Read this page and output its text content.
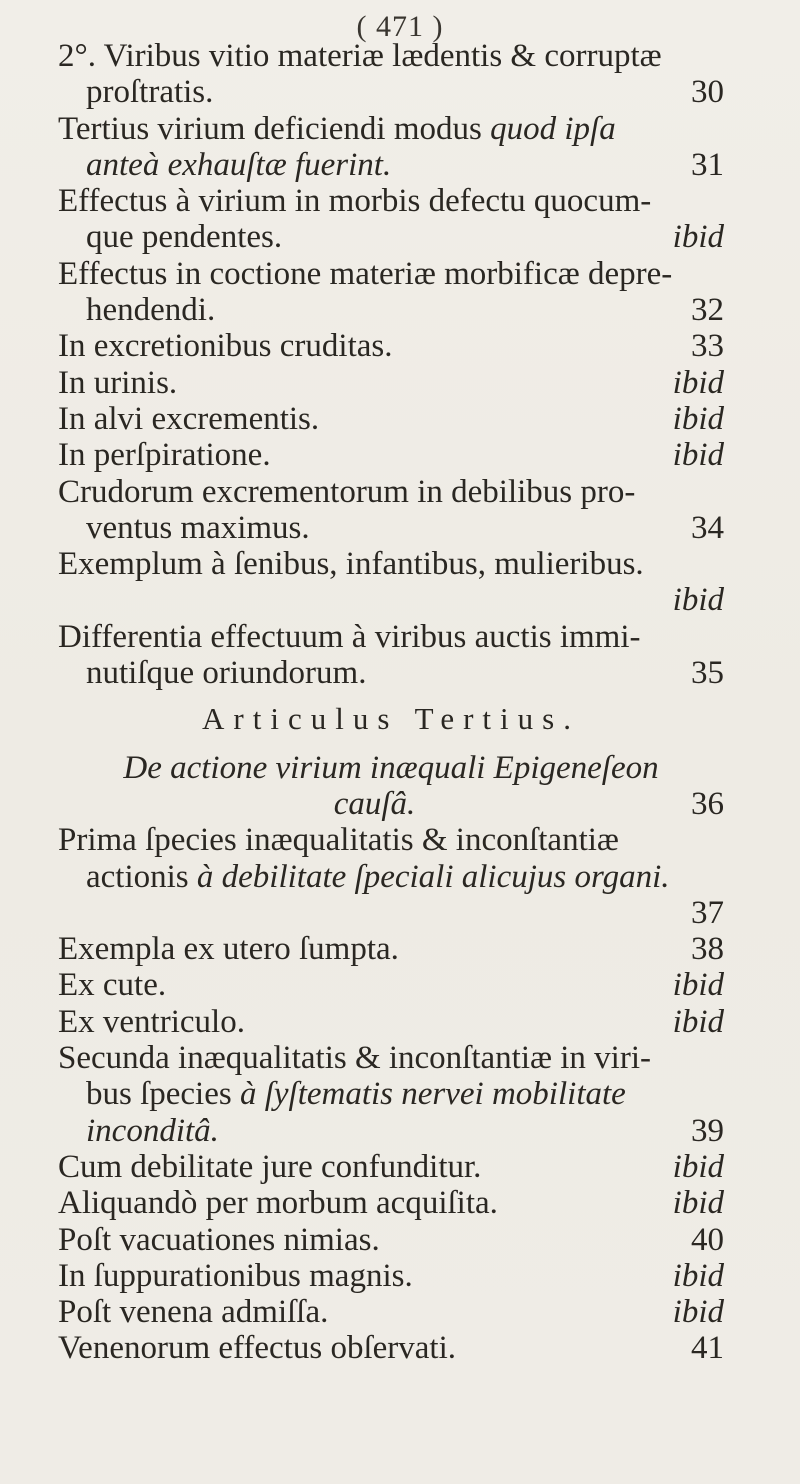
( 471 )
2°. Viribus vitio materiæ lædentis & corruptæ
proſtratis.	30
Tertius virium deficiendi modus quod ipſa
anteà exhauſtæ fuerint.	31
Effectus à virium in morbis defectu quocum-
que pendentes.	ibid
Effectus in coctione materiæ morbificæ depre-
hendendi.	32
In excretionibus cruditas.	33
In urinis.	ibid
In alvi excrementis.	ibid
In perſpiratione.	ibid
Crudorum excrementorum in debilibus pro-
ventus maximus.	34
Exemplum à ſenibus, infantibus, mulieribus.
ibid
Differentia effectuum à viribus auctis immi-
nutiſque oriundorum.	35
Articulus Tertius.
De actione virium inæquali Epigeneſeon
cauſâ.	36
Prima ſpecies inæqualitatis & inconſtantiæ
actionis à debilitate ſpeciali alicujus organi.
37
Exempla ex utero ſumpta.	38
Ex cute.	ibid
Ex ventriculo.	ibid
Secunda inæqualitatis & inconſtantiæ in viri-
bus ſpecies à ſyſtematis nervei mobilitate
inconditâ.	39
Cum debilitate jure confunditur.	ibid
Aliquandò per morbum acquiſita.	ibid
Poſt vacuationes nimias.	40
In ſuppurationibus magnis.	ibid
Poſt venena admiſſa.	ibid
Venenorum effectus obſervati.	41
